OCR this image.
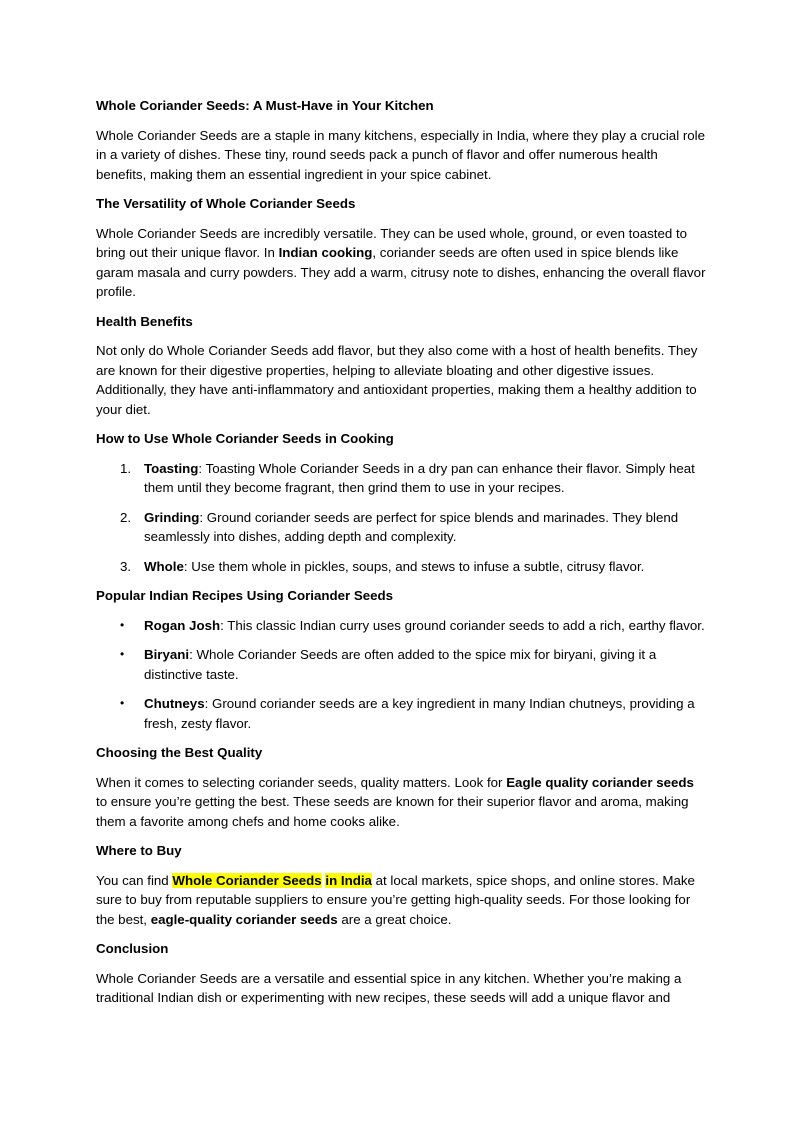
Whole Coriander Seeds: A Must-Have in Your Kitchen

Whole Coriander Seeds are a staple in many kitchens, especially in India, where they play a crucial role in a variety of dishes. These tiny, round seeds pack a punch of flavor and offer numerous health benefits, making them an essential ingredient in your spice cabinet.

The Versatility of Whole Coriander Seeds

Whole Coriander Seeds are incredibly versatile. They can be used whole, ground, or even toasted to bring out their unique flavor. In Indian cooking, coriander seeds are often used in spice blends like garam masala and curry powders. They add a warm, citrusy note to dishes, enhancing the overall flavor profile.

Health Benefits

Not only do Whole Coriander Seeds add flavor, but they also come with a host of health benefits. They are known for their digestive properties, helping to alleviate bloating and other digestive issues. Additionally, they have anti-inflammatory and antioxidant properties, making them a healthy addition to your diet.

How to Use Whole Coriander Seeds in Cooking
1. Toasting: Toasting Whole Coriander Seeds in a dry pan can enhance their flavor. Simply heat them until they become fragrant, then grind them to use in your recipes.
2. Grinding: Ground coriander seeds are perfect for spice blends and marinades. They blend seamlessly into dishes, adding depth and complexity.
3. Whole: Use them whole in pickles, soups, and stews to infuse a subtle, citrusy flavor.
Popular Indian Recipes Using Coriander Seeds
• Rogan Josh: This classic Indian curry uses ground coriander seeds to add a rich, earthy flavor.
• Biryani: Whole Coriander Seeds are often added to the spice mix for biryani, giving it a distinctive taste.
• Chutneys: Ground coriander seeds are a key ingredient in many Indian chutneys, providing a fresh, zesty flavor.
Choosing the Best Quality

When it comes to selecting coriander seeds, quality matters. Look for Eagle quality coriander seeds to ensure you’re getting the best. These seeds are known for their superior flavor and aroma, making them a favorite among chefs and home cooks alike.

Where to Buy

You can find Whole Coriander Seeds in India at local markets, spice shops, and online stores. Make sure to buy from reputable suppliers to ensure you’re getting high-quality seeds. For those looking for the best, eagle-quality coriander seeds are a great choice.

Conclusion

Whole Coriander Seeds are a versatile and essential spice in any kitchen. Whether you’re making a traditional Indian dish or experimenting with new recipes, these seeds will add a unique flavor and
